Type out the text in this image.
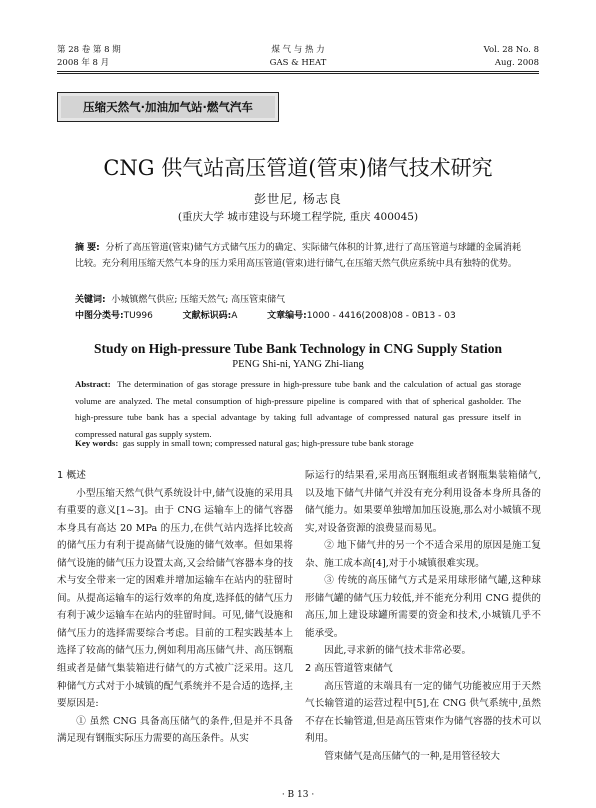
第 28 卷 第 8 期
2008 年 8 月
煤 气 与 热 力
GAS & HEAT
Vol. 28 No. 8
Aug. 2008
压缩天然气·加油加气站·燃气汽车
CNG 供气站高压管道(管束)储气技术研究
彭世尼, 杨志良
(重庆大学 城市建设与环境工程学院, 重庆 400045)
摘 要: 分析了高压管道(管束)储气方式储气压力的确定、实际储气体积的计算,进行了高压管道与球罐的金属消耗比较。充分利用压缩天然气本身的压力采用高压管道(管束)进行储气,在压缩天然气供应系统中具有独特的优势。
关键词: 小城镇燃气供应; 压缩天然气; 高压管束储气
中图分类号:TU996	文献标识码:A	文章编号:1000 - 4416(2008)08 - 0B13 - 03
Study on High-pressure Tube Bank Technology in CNG Supply Station
PENG Shi-ni, YANG Zhi-liang
Abstract: The determination of gas storage pressure in high-pressure tube bank and the calculation of actual gas storage volume are analyzed. The metal consumption of high-pressure pipeline is compared with that of spherical gasholder. The high-pressure tube bank has a special advantage by taking full advantage of compressed natural gas pressure itself in compressed natural gas supply system.
Key words: gas supply in small town; compressed natural gas; high-pressure tube bank storage

1 概述

小型压缩天然气供气系统设计中,储气设施的采用具有重要的意义[1~3]。由于 CNG 运输车上的储气容器本身具有高达 20 MPa 的压力,在供气站内选择比较高的储气压力有利于提高储气设施的储气效率。但如果将储气设施的储气压力设置太高,又会给储气容器本身的技术与安全带来一定的困难并增加运输车在站内的驻留时间。从提高运输车的运行效率的角度,选择低的储气压力有利于减少运输车在站内的驻留时间。可见,储气设施和储气压力的选择需要综合考虑。目前的工程实践基本上选择了较高的储气压力,例如利用高压储气井、高压钢瓶组或者是储气集装箱进行储气的方式被广泛采用。这几种储气方式对于小城镇的配气系统并不是合适的选择,主要原因是:

① 虽然 CNG 具备高压储气的条件,但是并不具备满足现有钢瓶实际压力需要的高压条件。从实

际运行的结果看,采用高压钢瓶组或者钢瓶集装箱储气,以及地下储气井储气并没有充分利用设备本身所具备的储气能力。如果要单独增加加压设施,那么对小城镇不现实,对设备资源的浪费显而易见。

② 地下储气井的另一个不适合采用的原因是施工复杂、施工成本高[4],对于小城镇很难实现。

③ 传统的高压储气方式是采用球形储气罐,这种球形储气罐的储气压力较低,并不能充分利用 CNG 提供的高压,加上建设球罐所需要的资金和技术,小城镇几乎不能承受。

因此,寻求新的储气技术非常必要。

2 高压管道管束储气

高压管道的末端具有一定的储气功能被应用于天然气长输管道的运营过程中[5],在 CNG 供气系统中,虽然不存在长输管道,但是高压管束作为储气容器的技术可以利用。

管束储气是高压储气的一种,是用管径较大

· B 13 ·
